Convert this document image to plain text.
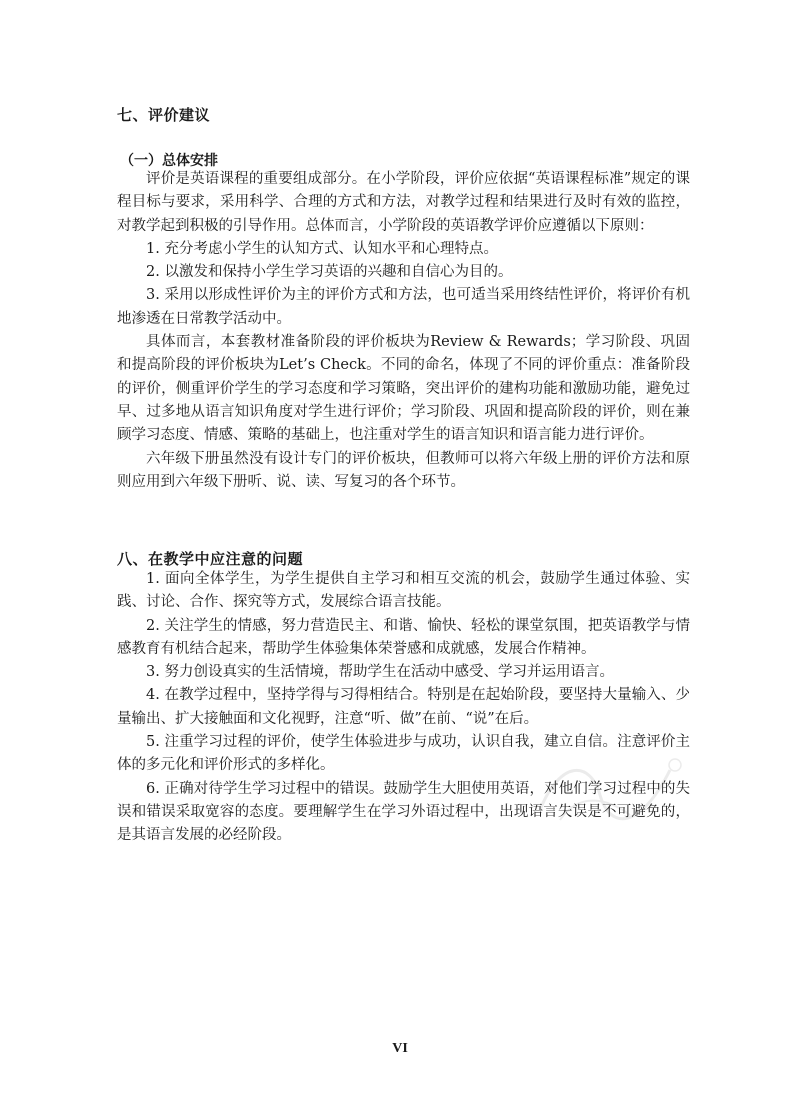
七、评价建议
（一）总体安排

评价是英语课程的重要组成部分。在小学阶段，评价应依据“英语课程标准”规定的课程目标与要求，采用科学、合理的方式和方法，对教学过程和结果进行及时有效的监控，对教学起到积极的引导作用。总体而言，小学阶段的英语教学评价应遵循以下原则：

1. 充分考虑小学生的认知方式、认知水平和心理特点。

2. 以激发和保持小学生学习英语的兴趣和自信心为目的。

3. 采用以形成性评价为主的评价方式和方法，也可适当采用终结性评价，将评价有机地渗透在日常教学活动中。

具体而言，本套教材准备阶段的评价板块为Review & Rewards；学习阶段、巩固和提高阶段的评价板块为Let’s Check。不同的命名，体现了不同的评价重点：准备阶段的评价，侧重评价学生的学习态度和学习策略，突出评价的建构功能和激励功能，避免过早、过多地从语言知识角度对学生进行评价；学习阶段、巩固和提高阶段的评价，则在兼顾学习态度、情感、策略的基础上，也注重对学生的语言知识和语言能力进行评价。

六年级下册虽然没有设计专门的评价板块，但教师可以将六年级上册的评价方法和原则应用到六年级下册听、说、读、写复习的各个环节。

八、在教学中应注意的问题

1. 面向全体学生，为学生提供自主学习和相互交流的机会，鼓励学生通过体验、实践、讨论、合作、探究等方式，发展综合语言技能。

2. 关注学生的情感，努力营造民主、和谐、愉快、轻松的课堂氛围，把英语教学与情感教育有机结合起来，帮助学生体验集体荣誉感和成就感，发展合作精神。

3. 努力创设真实的生活情境，帮助学生在活动中感受、学习并运用语言。

4. 在教学过程中，坚持学得与习得相结合。特别是在起始阶段，要坚持大量输入、少量输出、扩大接触面和文化视野，注意“听、做”在前、“说”在后。

5. 注重学习过程的评价，使学生体验进步与成功，认识自我，建立自信。注意评价主体的多元化和评价形式的多样化。

6. 正确对待学生学习过程中的错误。鼓励学生大胆使用英语，对他们学习过程中的失误和错误采取宽容的态度。要理解学生在学习外语过程中，出现语言失误是不可避免的，是其语言发展的必经阶段。

VI
